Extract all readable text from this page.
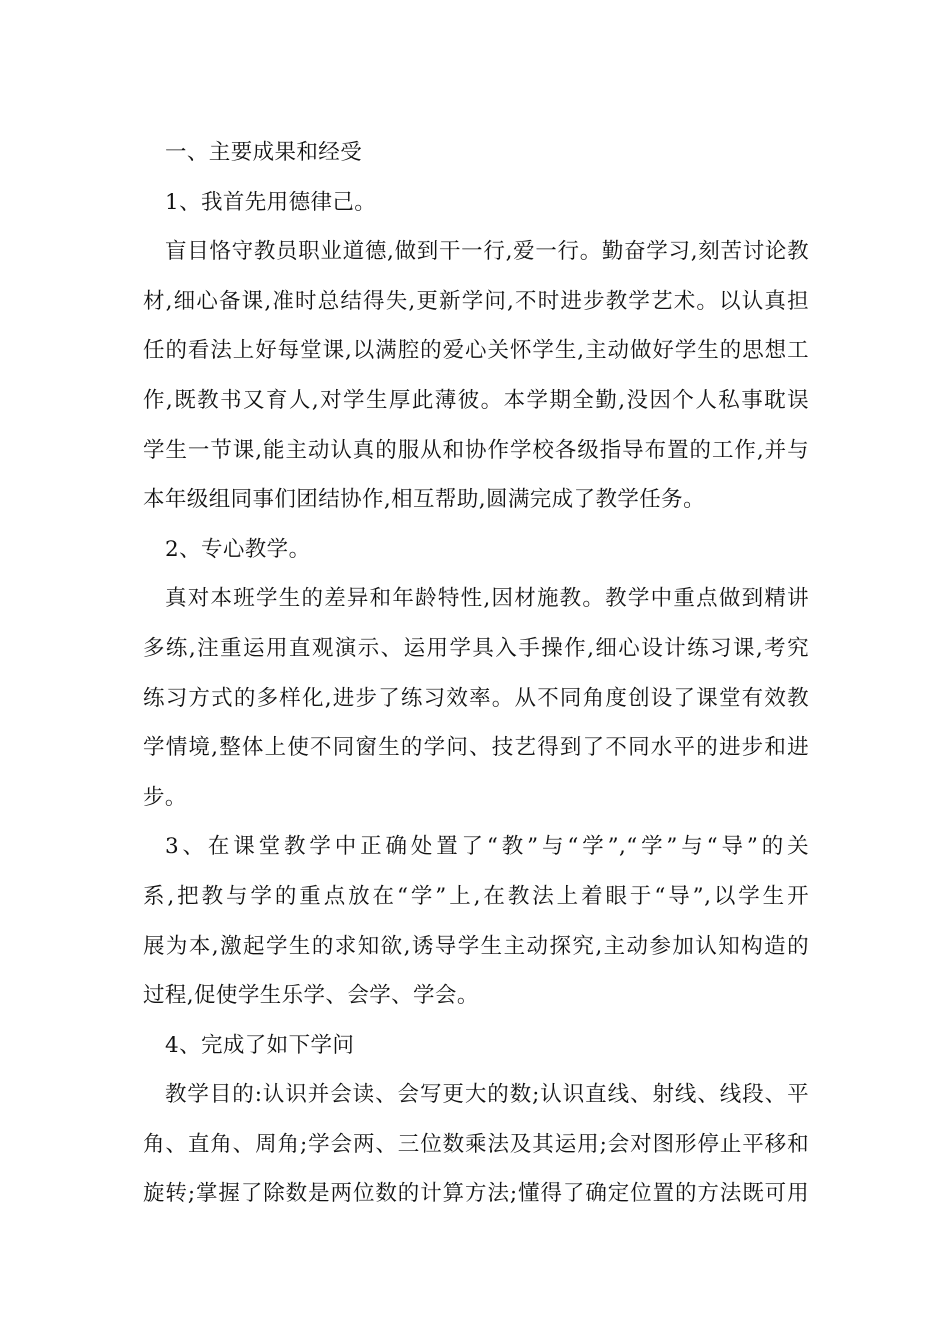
一、主要成果和经受
1、我首先用德律己。
盲目恪守教员职业道德,做到干一行,爱一行。勤奋学习,刻苦讨论教
材,细心备课,准时总结得失,更新学问,不时进步教学艺术。以认真担
任的看法上好每堂课,以满腔的爱心关怀学生,主动做好学生的思想工
作,既教书又育人,对学生厚此薄彼。本学期全勤,没因个人私事耽误
学生一节课,能主动认真的服从和协作学校各级指导布置的工作,并与
本年级组同事们团结协作,相互帮助,圆满完成了教学任务。
2、专心教学。
真对本班学生的差异和年龄特性,因材施教。教学中重点做到精讲
多练,注重运用直观演示、运用学具入手操作,细心设计练习课,考究
练习方式的多样化,进步了练习效率。从不同角度创设了课堂有效教
学情境,整体上使不同窗生的学问、技艺得到了不同水平的进步和进
步。
3、在课堂教学中正确处置了“教”与“学”,“学”与“导”的关
系,把教与学的重点放在“学”上,在教法上着眼于“导”,以学生开
展为本,激起学生的求知欲,诱导学生主动探究,主动参加认知构造的
过程,促使学生乐学、会学、学会。
4、完成了如下学问
教学目的:认识并会读、会写更大的数;认识直线、射线、线段、平
角、直角、周角;学会两、三位数乘法及其运用;会对图形停止平移和
旋转;掌握了除数是两位数的计算方法;懂得了确定位置的方法既可用
